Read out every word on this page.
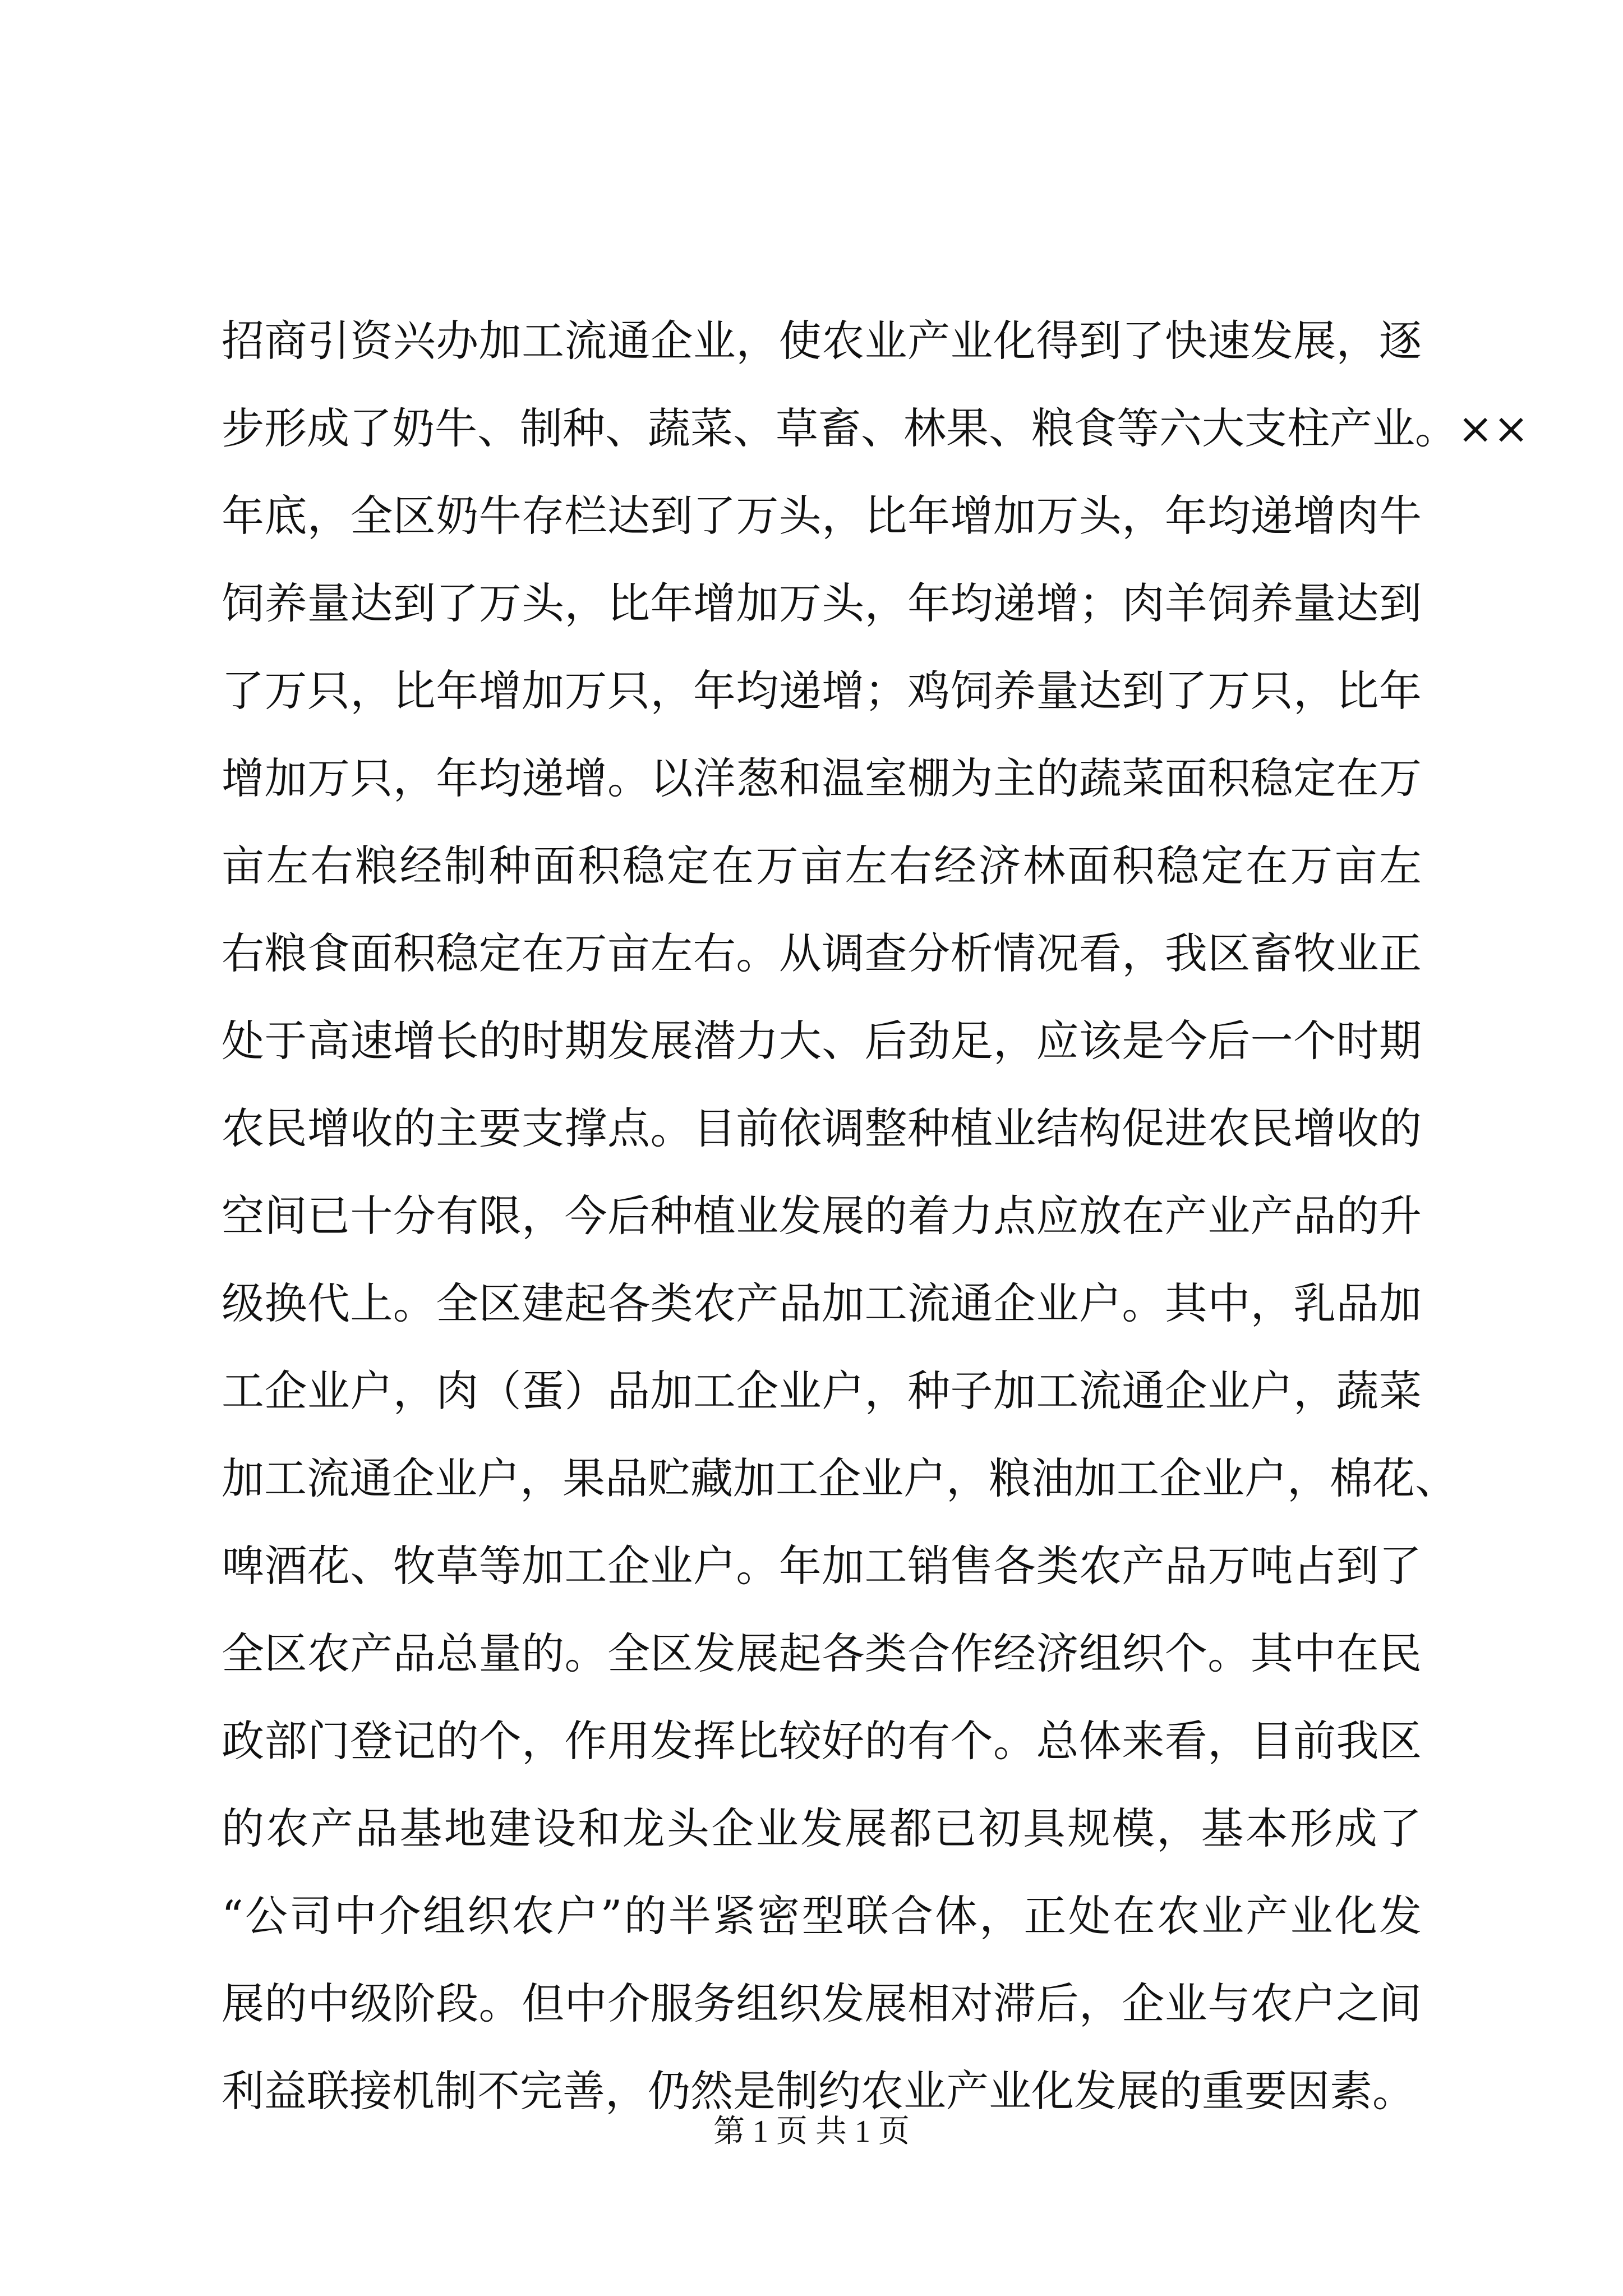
招商引资兴办加工流通企业，使农业产业化得到了快速发展，逐
步形成了奶牛、制种、蔬菜、草畜、林果、粮食等六大支柱产业。××
年底，全区奶牛存栏达到了万头，比年增加万头，年均递增肉牛
饲养量达到了万头，比年增加万头，年均递增；肉羊饲养量达到
了万只，比年增加万只，年均递增；鸡饲养量达到了万只，比年
增加万只，年均递增。以洋葱和温室棚为主的蔬菜面积稳定在万
亩左右粮经制种面积稳定在万亩左右经济林面积稳定在万亩左
右粮食面积稳定在万亩左右。从调查分析情况看，我区畜牧业正
处于高速增长的时期发展潜力大、后劲足，应该是今后一个时期
农民增收的主要支撑点。目前依调整种植业结构促进农民增收的
空间已十分有限，今后种植业发展的着力点应放在产业产品的升
级换代上。全区建起各类农产品加工流通企业户。其中，乳品加
工企业户，肉（蛋）品加工企业户，种子加工流通企业户，蔬菜
加工流通企业户，果品贮藏加工企业户，粮油加工企业户，棉花、
啤酒花、牧草等加工企业户。年加工销售各类农产品万吨占到了
全区农产品总量的。全区发展起各类合作经济组织个。其中在民
政部门登记的个，作用发挥比较好的有个。总体来看，目前我区
的农产品基地建设和龙头企业发展都已初具规模，基本形成了
“公司中介组织农户”的半紧密型联合体，正处在农业产业化发
展的中级阶段。但中介服务组织发展相对滞后，企业与农户之间
利益联接机制不完善，仍然是制约农业产业化发展的重要因素。
第 1 页 共 1 页
